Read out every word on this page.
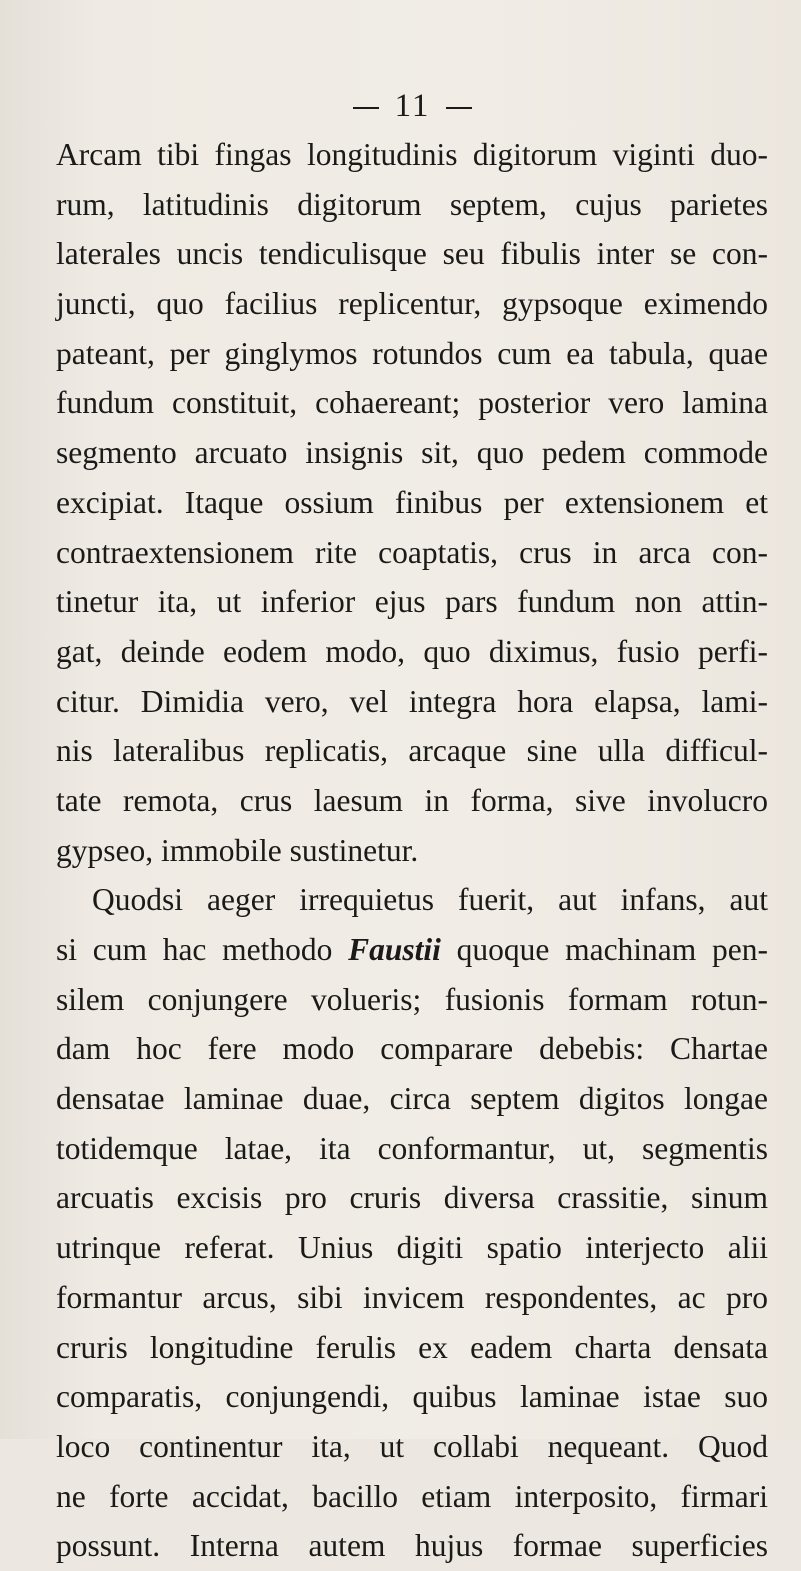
11
Arcam tibi fingas longitudinis digitorum viginti duo-
rum, latitudinis digitorum septem, cujus parietes
laterales uncis tendiculisque seu fibulis inter se con-
juncti, quo facilius replicentur, gypsoque eximendo
pateant, per ginglymos rotundos cum ea tabula, quae
fundum constituit, cohaereant; posterior vero lamina
segmento arcuato insignis sit, quo pedem commode
excipiat. Itaque ossium finibus per extensionem et
contraextensionem rite coaptatis, crus in arca con-
tinetur ita, ut inferior ejus pars fundum non attin-
gat, deinde eodem modo, quo diximus, fusio perfi-
citur. Dimidia vero, vel integra hora elapsa, lami-
nis lateralibus replicatis, arcaque sine ulla difficul-
tate remota, crus laesum in forma, sive involucro
gypseo, immobile sustinetur.
Quodsi aeger irrequietus fuerit, aut infans, aut
si cum hac methodo Faustii quoque machinam pen-
silem conjungere volueris; fusionis formam rotun-
dam hoc fere modo comparare debebis: Chartae
densatae laminae duae, circa septem digitos longae
totidemque latae, ita conformantur, ut, segmentis
arcuatis excisis pro cruris diversa crassitie, sinum
utrinque referat. Unius digiti spatio interjecto alii
formantur arcus, sibi invicem respondentes, ac pro
cruris longitudine ferulis ex eadem charta densata
comparatis, conjungendi, quibus laminae istae suo
loco continentur ita, ut collabi nequeant. Quod
ne forte accidat, bacillo etiam interposito, firmari
possunt. Interna autem hujus formae superficies
